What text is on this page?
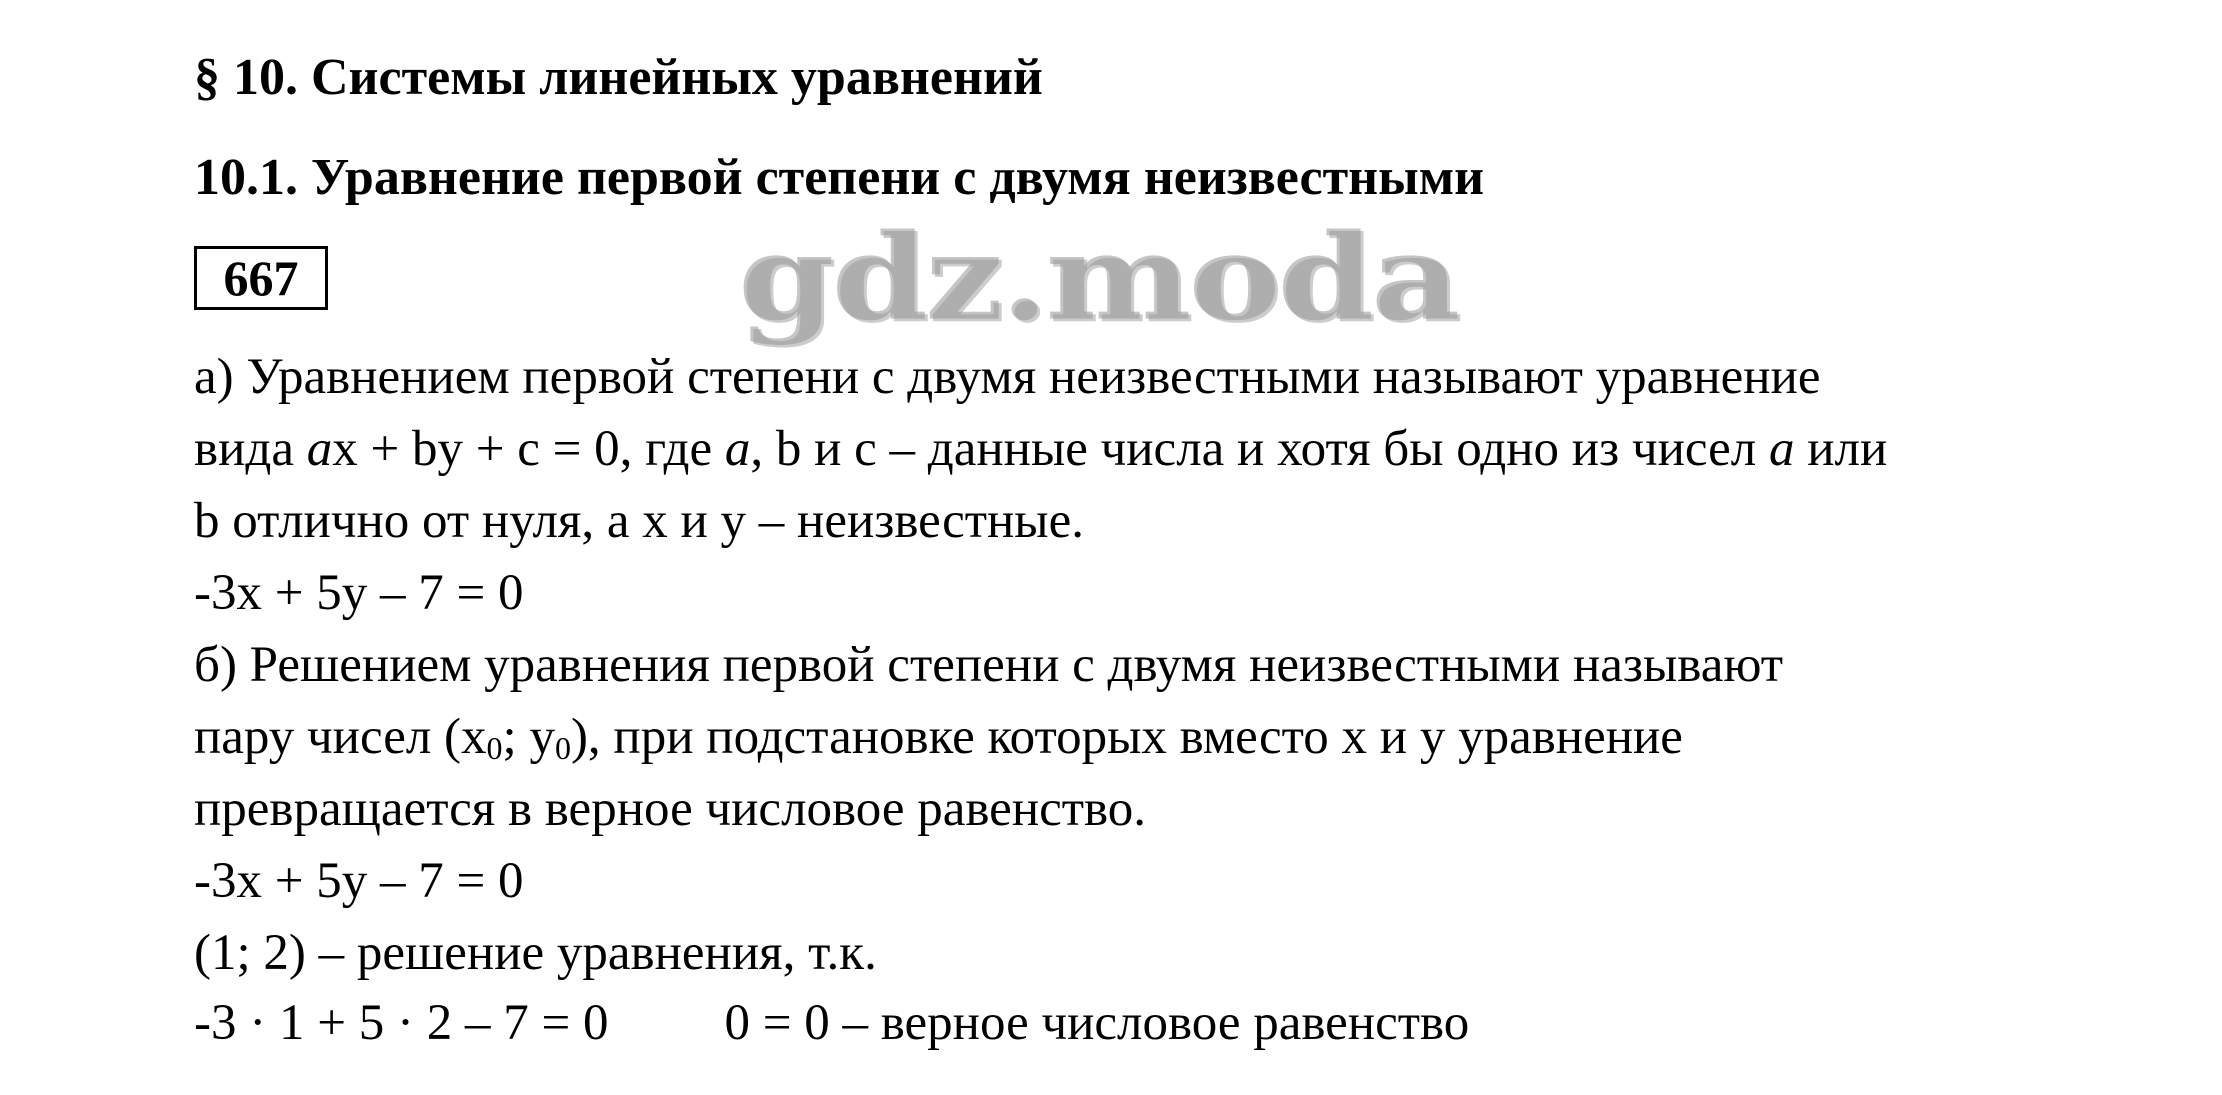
§ 10. Системы линейных уравнений
10.1. Уравнение первой степени с двумя неизвестными
667	gdz.moda
а) Уравнением первой степени с двумя неизвестными называют уравнение
вида ax + by + c = 0, где a, b и c – данные числа и хотя бы одно из чисел a или
b отлично от нуля, а x и y – неизвестные.
-3x + 5y – 7 = 0
б) Решением уравнения первой степени с двумя неизвестными называют
пару чисел ($x_0$; $y_0$), при подстановке которых вместо x и y уравнение
превращается в верное числовое равенство.
-3x + 5y – 7 = 0
(1; 2) – решение уравнения, т.к.
-3 · 1 + 5 · 2 – 7 = 0 0 = 0 – верное числовое равенство
